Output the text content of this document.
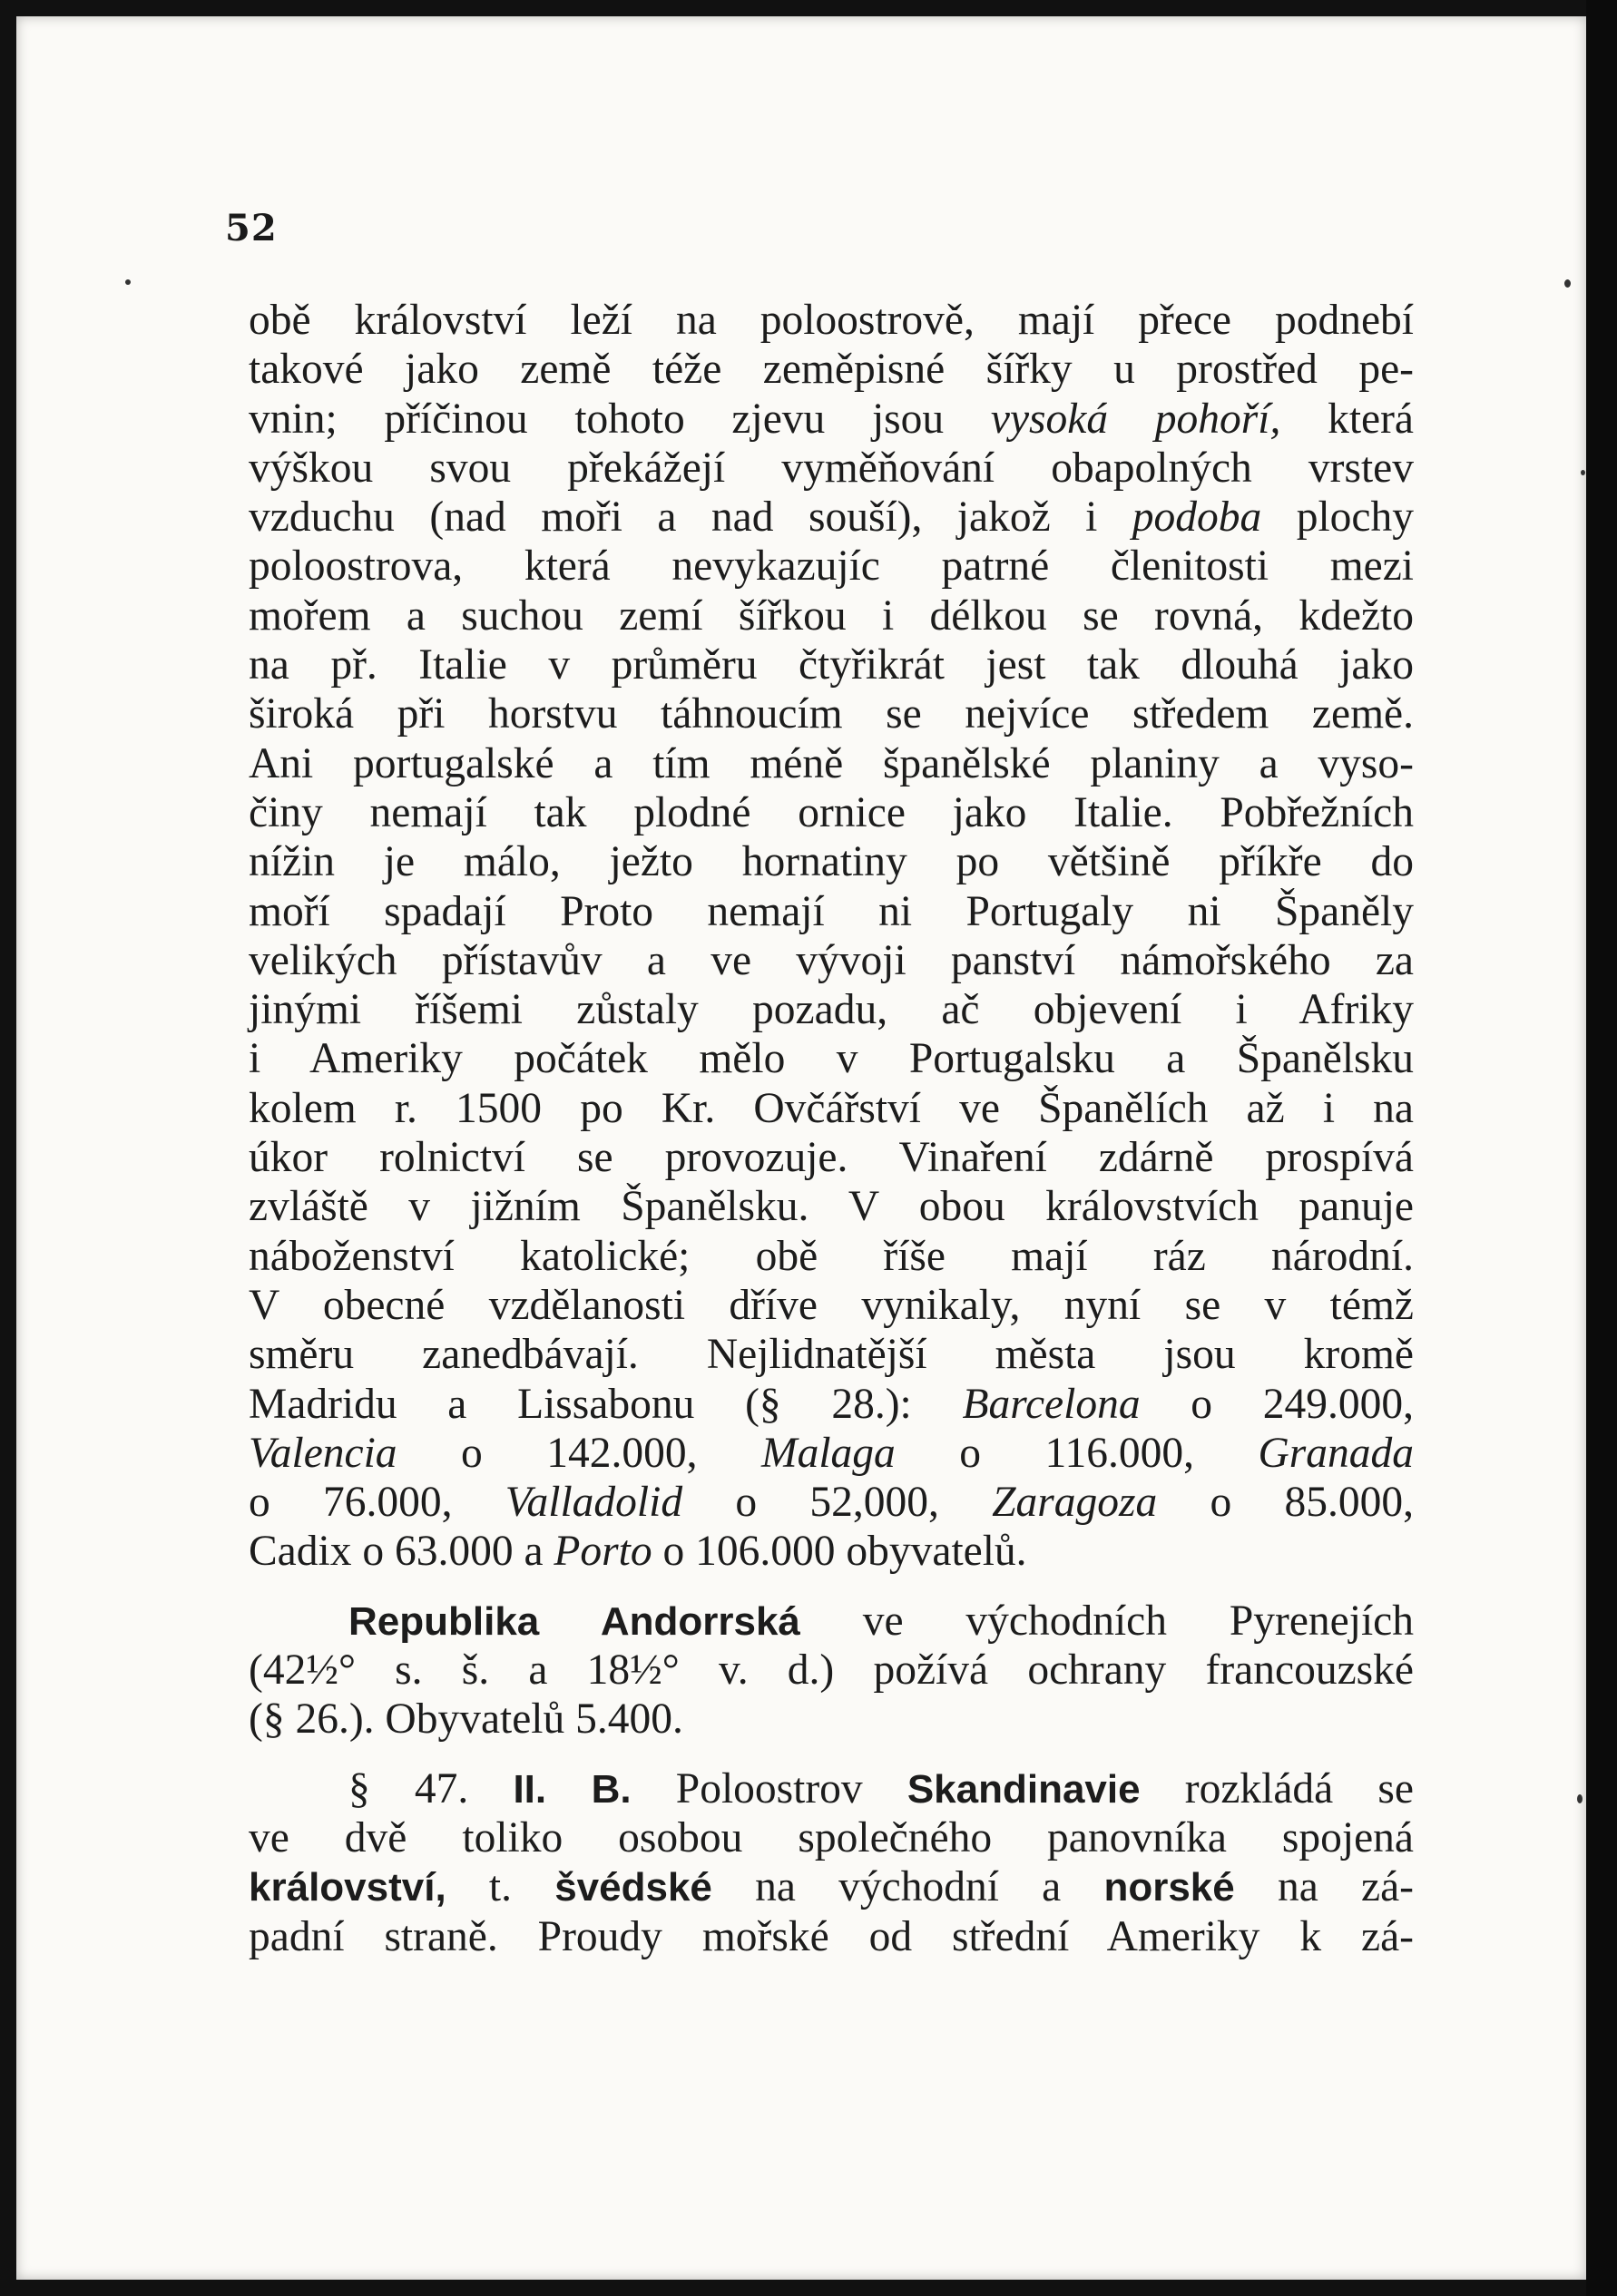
52
obě království leží na poloostrově, mají přece podnebí
takové jako země téže zeměpisné šířky u prostřed pe-
vnin; příčinou tohoto zjevu jsou vysoká pohoří, která
výškou svou překážejí vyměňování obapolných vrstev
vzduchu (nad moři a nad souší), jakož i podoba plochy
poloostrova, která nevykazujíc patrné členitosti mezi
mořem a suchou zemí šířkou i délkou se rovná, kdežto
na př. Italie v průměru čtyřikrát jest tak dlouhá jako
široká při horstvu táhnoucím se nejvíce středem země.
Ani portugalské a tím méně španělské planiny a vyso-
činy nemají tak plodné ornice jako Italie. Pobřežních
nížin je málo, ježto hornatiny po většině příkře do
moří spadají Proto nemají ni Portugaly ni Španěly
velikých přístavův a ve vývoji panství námořského za
jinými říšemi zůstaly pozadu, ač objevení i Afriky
i Ameriky počátek mělo v Portugalsku a Španělsku
kolem r. 1500 po Kr. Ovčářství ve Španělích až i na
úkor rolnictví se provozuje. Vinaření zdárně prospívá
zvláště v jižním Španělsku. V obou královstvích panuje
náboženství katolické; obě říše mají ráz národní.
V obecné vzdělanosti dříve vynikaly, nyní se v témž
směru zanedbávají. Nejlidnatější města jsou kromě
Madridu a Lissabonu (§ 28.): Barcelona o 249.000,
Valencia o 142.000, Malaga o 116.000, Granada
o 76.000, Valladolid o 52,000, Zaragoza o 85.000,
Cadix o 63.000 a Porto o 106.000 obyvatelů.
Republika Andorrská ve východních Pyrenejích
(42½° s. š. a 18½° v. d.) požívá ochrany francouzské
(§ 26.). Obyvatelů 5.400.
§ 47. II. B. Poloostrov Skandinavie rozkládá se
ve dvě toliko osobou společného panovníka spojená
království, t. švédské na východní a norské na zá-
padní straně. Proudy mořské od střední Ameriky k zá-
